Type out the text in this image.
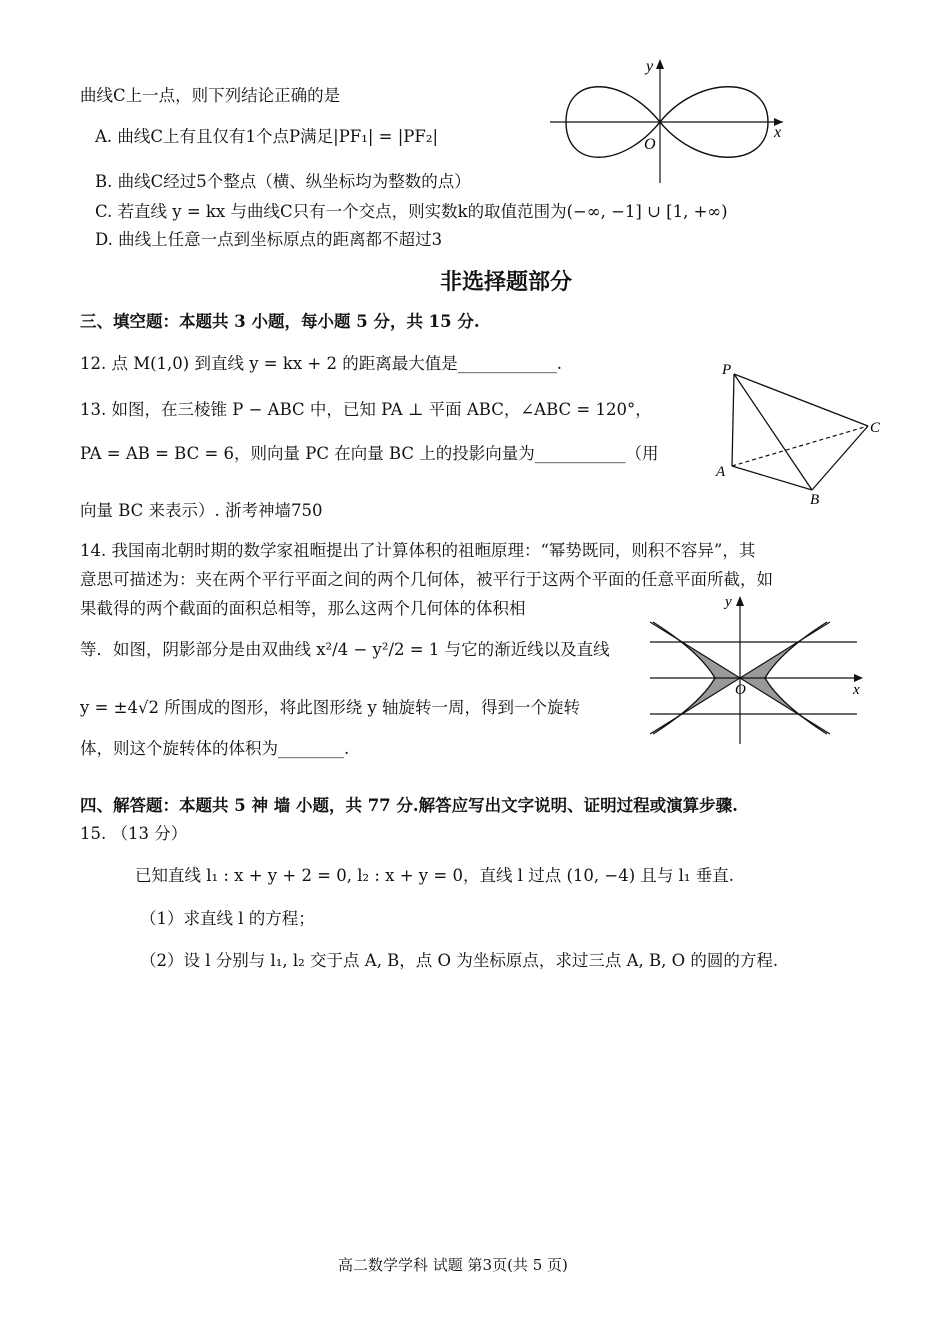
曲线C上一点，则下列结论正确的是
A. 曲线C上有且仅有1个点P满足|PF₁| = |PF₂|
B. 曲线C经过5个整点（横、纵坐标均为整数的点）
C. 若直线 y = kx 与曲线C只有一个交点，则实数k的取值范围为(−∞, −1] ∪ [1, +∞)
D. 曲线上任意一点到坐标原点的距离都不超过3
y
x
O
非选择题部分
三、填空题：本题共 3 小题，每小题 5 分，共 15 分.
12. 点 M(1,0) 到直线 y = kx + 2 的距离最大值是____________.
13. 如图，在三棱锥 P − ABC 中，已知 PA ⊥ 平面 ABC，∠ABC = 120°，
PA = AB = BC = 6，则向量 PC 在向量 BC 上的投影向量为___________（用
向量 BC 来表示）. 浙考神墙750
P
A
B
C
14. 我国南北朝时期的数学家祖暅提出了计算体积的祖暅原理：“幂势既同，则积不容异”，其
意思可描述为：夹在两个平行平面之间的两个几何体，被平行于这两个平面的任意平面所截，如
果截得的两个截面的面积总相等，那么这两个几何体的体积相
等．如图，阴影部分是由双曲线 x²/4 − y²/2 = 1 与它的渐近线以及直线
y = ±4√2 所围成的图形，将此图形绕 y 轴旋转一周，得到一个旋转
体，则这个旋转体的体积为________.
y
x
O
四、解答题：本题共 5 神 墙 小题，共 77 分.解答应写出文字说明、证明过程或演算步骤.
15. （13 分）
已知直线 l₁ : x + y + 2 = 0, l₂ : x + y = 0，直线 l 过点 (10, −4) 且与 l₁ 垂直.
（1）求直线 l 的方程；
（2）设 l 分别与 l₁, l₂ 交于点 A, B，点 O 为坐标原点，求过三点 A, B, O 的圆的方程.
高二数学学科 试题 第3页(共 5 页)
